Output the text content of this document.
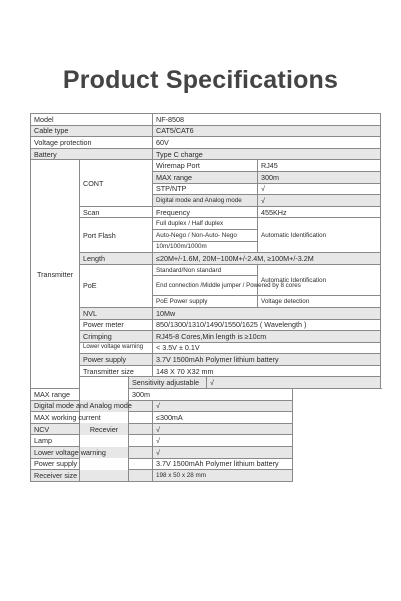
Product Specifications
Model			NF-8508		
Cable type			CAT5/CAT6		
Voltage protection			60V		
Battery			Type C charge		
Transmitter	CONT		Wiremap Port		RJ45
			MAX range		300m
			STP/NTP		√
			Digital mode and Analog mode		√
	Scan		Frequency		455KHz
	Port Flash		Full duplex / Half duplex		Automatic Identification
			Auto-Nego / Non-Auto- Nego		
			10m/100m/1000m		
	Length		≤20M+/-1.6M, 20M~100M+/-2.4M, ≥100M+/-3.2M		
	PoE		Standard/Non standard		Automatic Identification
			End connection /Middle jumper / Powered by 8 cores		
			PoE Power supply		Voltage detection
	NVL		10Mw		
	Power meter		850/1300/1310/1490/1550/1625 ( Wavelength )		
	Crimping		RJ45-8 Cores,Min length is ≥10cm		
	Lower voltage warning		< 3.5V ± 0.1V		
	Power supply		3.7V 1500mAh Polymer lithium battery		
	Transmitter size		148 X 70 X32 mm		
	Recevier	Sensitivity adjustable		√	
MAX range		300m			
Digital mode and Analog mode			√		
MAX working current			≤300mA		
NCV			√		
Lamp			√		
Lower voltage warning			√		
Power supply			3.7V 1500mAh Polymer lithium battery		
Receiver size			198 x 50 x 28 mm		
